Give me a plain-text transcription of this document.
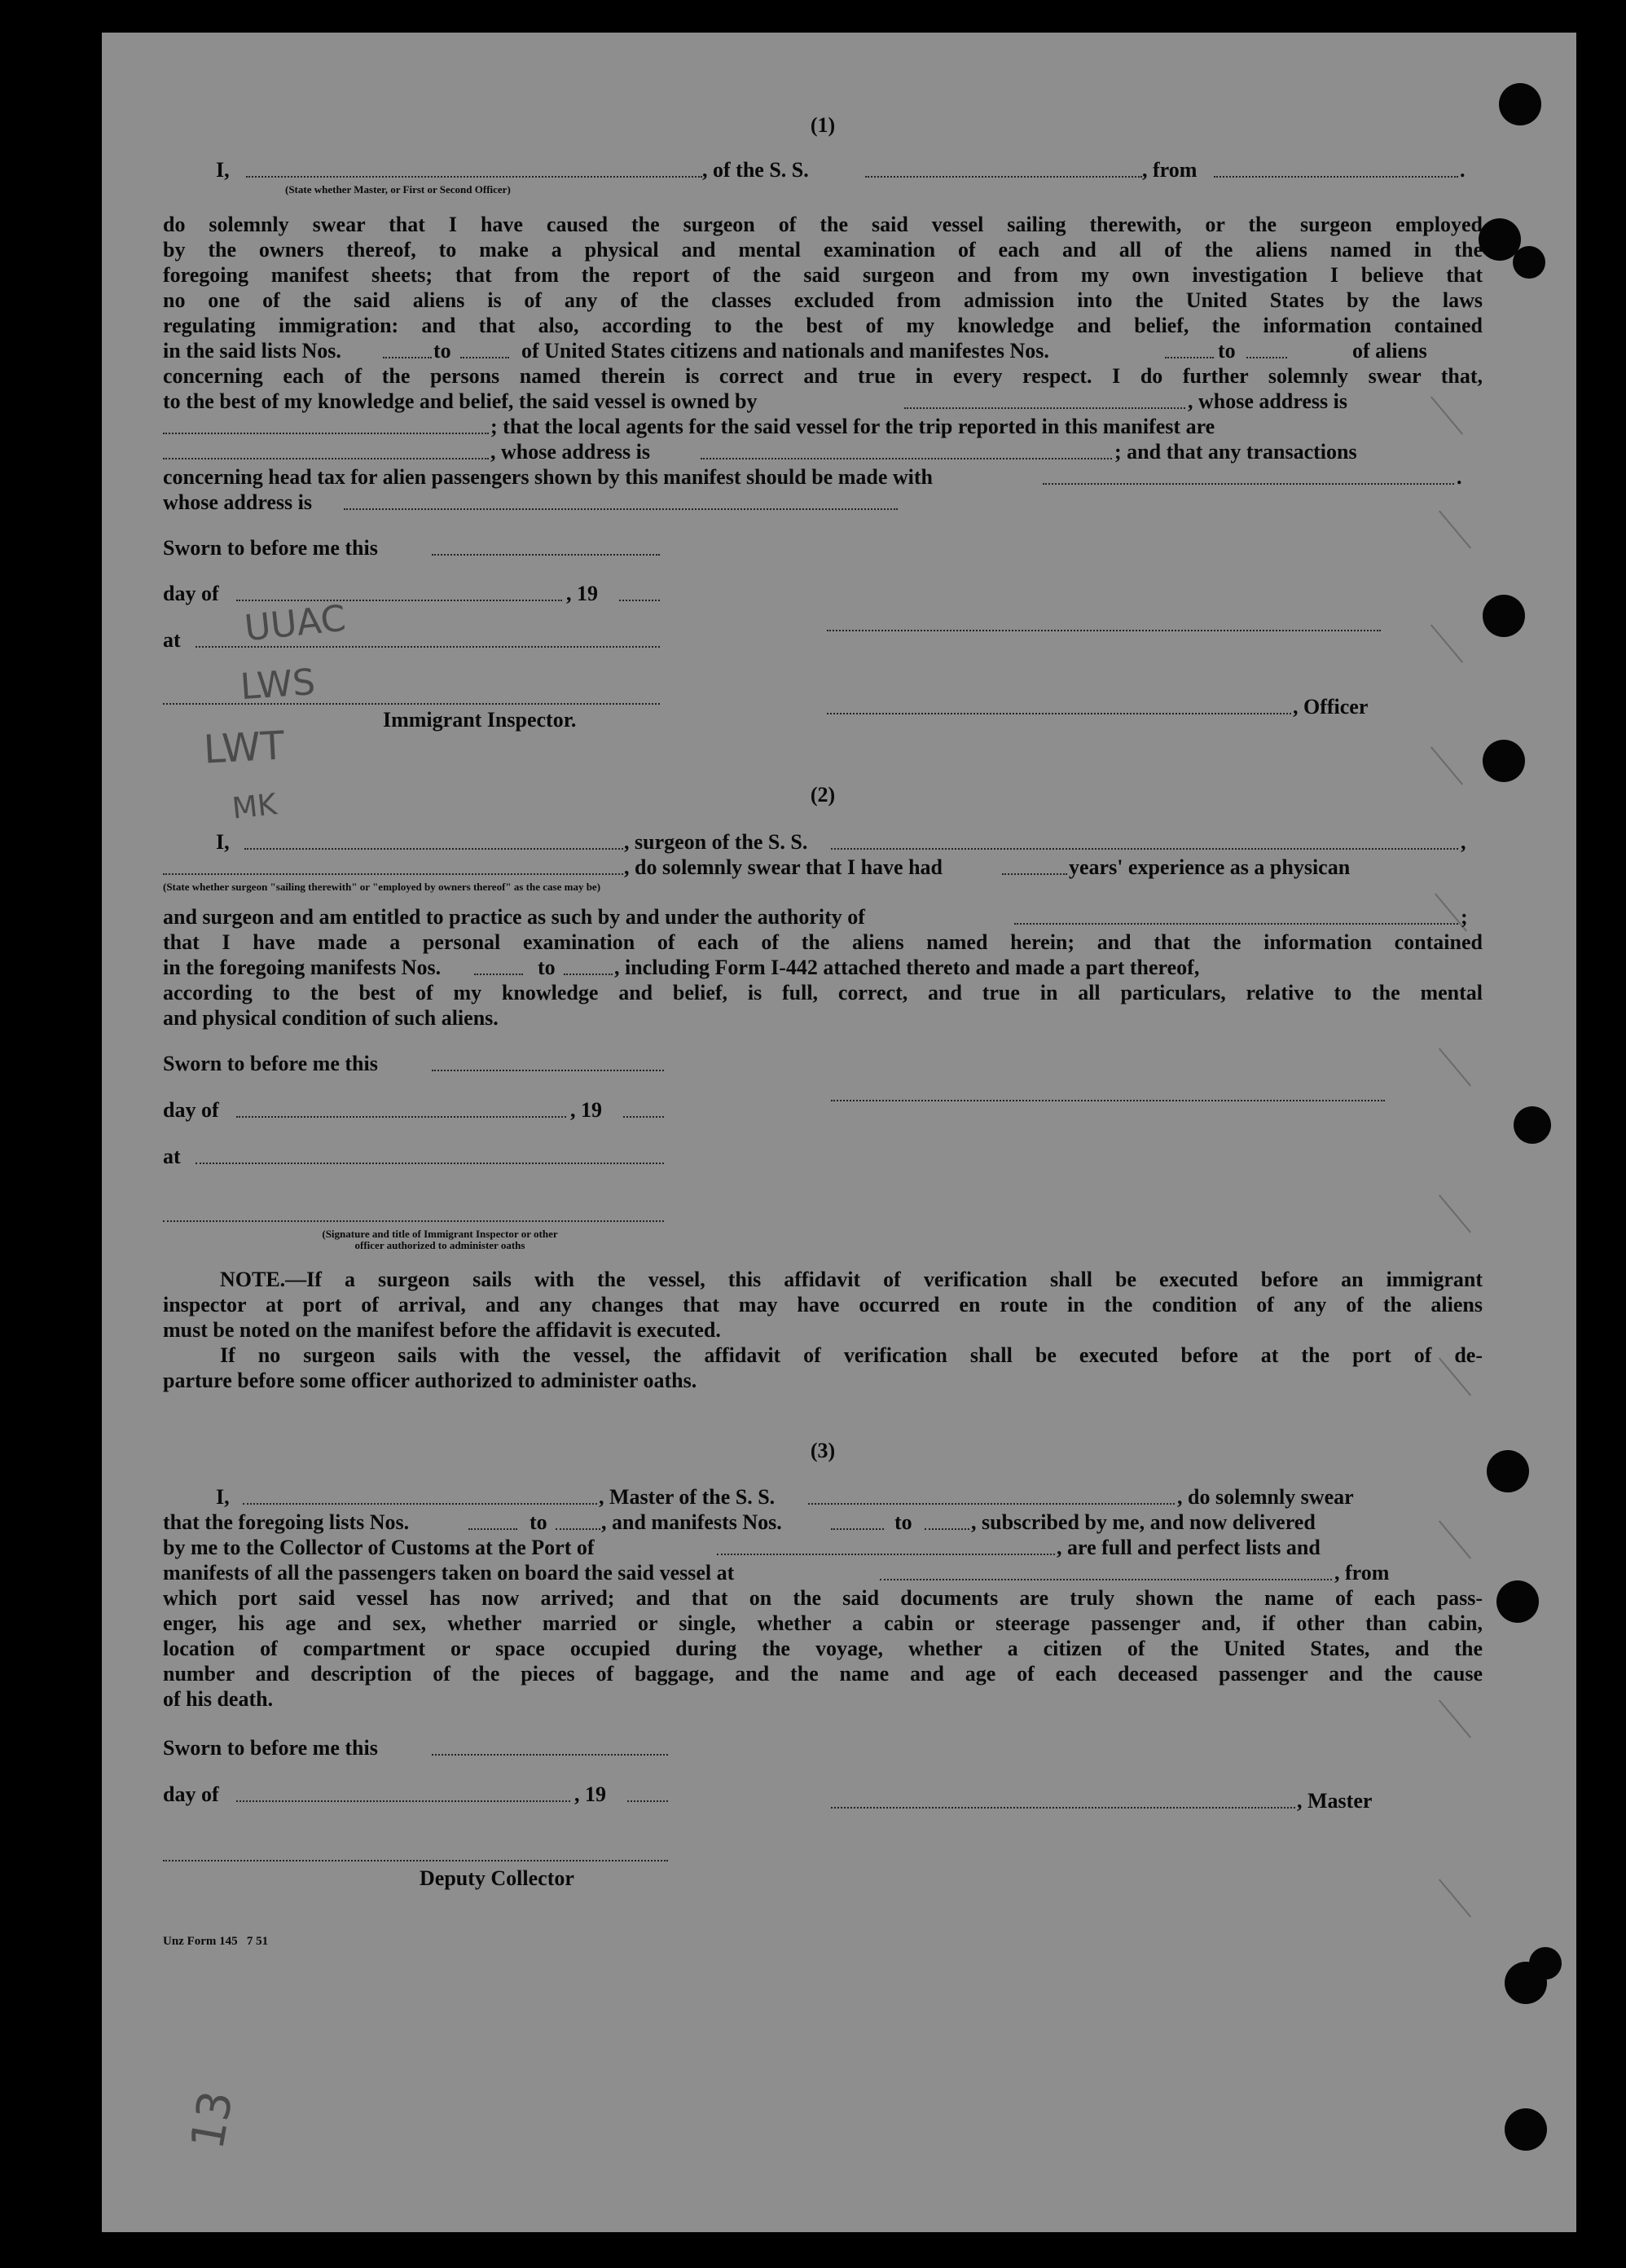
UUAC
LWS
LWT
MK
13
(1)
I,	, of the S. S.	, from	.
(State whether Master, or First or Second Officer)
do solemnly swear that I have caused the surgeon of the said vessel sailing therewith, or the surgeon employed
by the owners thereof, to make a physical and mental examination of each and all of the aliens named in the
foregoing manifest sheets; that from the report of the said surgeon and from my own investigation I believe that
no one of the said aliens is of any of the classes excluded from admission into the United States by the laws
regulating immigration: and that also, according to the best of my knowledge and belief, the information contained
in the said lists Nos.	to	of United States citizens and nationals and manifestes Nos.	to	of aliens
concerning each of the persons named therein is correct and true in every respect. I do further solemnly swear that,
to the best of my knowledge and belief, the said vessel is owned by	, whose address is
; that the local agents for the said vessel for the trip reported in this manifest are
, whose address is	; and that any transactions
concerning head tax for alien passengers shown by this manifest should be made with	.
whose address is
Sworn to before me this
day of	, 19
at
, Officer
Immigrant Inspector.
(2)
I,	, surgeon of the S. S.	,
, do solemnly swear that I have had	years' experience as a physican
(State whether surgeon "sailing therewith" or "employed by owners thereof" as the case may be)
and surgeon and am entitled to practice as such by and under the authority of	;
that I have made a personal examination of each of the aliens named herein; and that the information contained
in the foregoing manifests Nos.	to	, including Form I-442 attached thereto and made a part thereof,
according to the best of my knowledge and belief, is full, correct, and true in all particulars, relative to the mental
and physical condition of such aliens.
Sworn to before me this
day of	, 19
at
(Signature and title of Immigrant Inspector or other
officer authorized to administer oaths
NOTE.—If a surgeon sails with the vessel, this affidavit of verification shall be executed before an immigrant
inspector at port of arrival, and any changes that may have occurred en route in the condition of any of the aliens
must be noted on the manifest before the affidavit is executed.
If no surgeon sails with the vessel, the affidavit of verification shall be executed before at the port of de-
parture before some officer authorized to administer oaths.
(3)
I,	, Master of the S. S.	, do solemnly swear
that the foregoing lists Nos.	to	, and manifests Nos.	to	, subscribed by me, and now delivered
by me to the Collector of Customs at the Port of	, are full and perfect lists and
manifests of all the passengers taken on board the said vessel at	, from
which port said vessel has now arrived; and that on the said documents are truly shown the name of each pass-
enger, his age and sex, whether married or single, whether a cabin or steerage passenger and, if other than cabin,
location of compartment or space occupied during the voyage, whether a citizen of the United States, and the
number and description of the pieces of baggage, and the name and age of each deceased passenger and the cause
of his death.
Sworn to before me this
day of	, 19	, Master
Deputy Collector
Unz Form 145   7 51
